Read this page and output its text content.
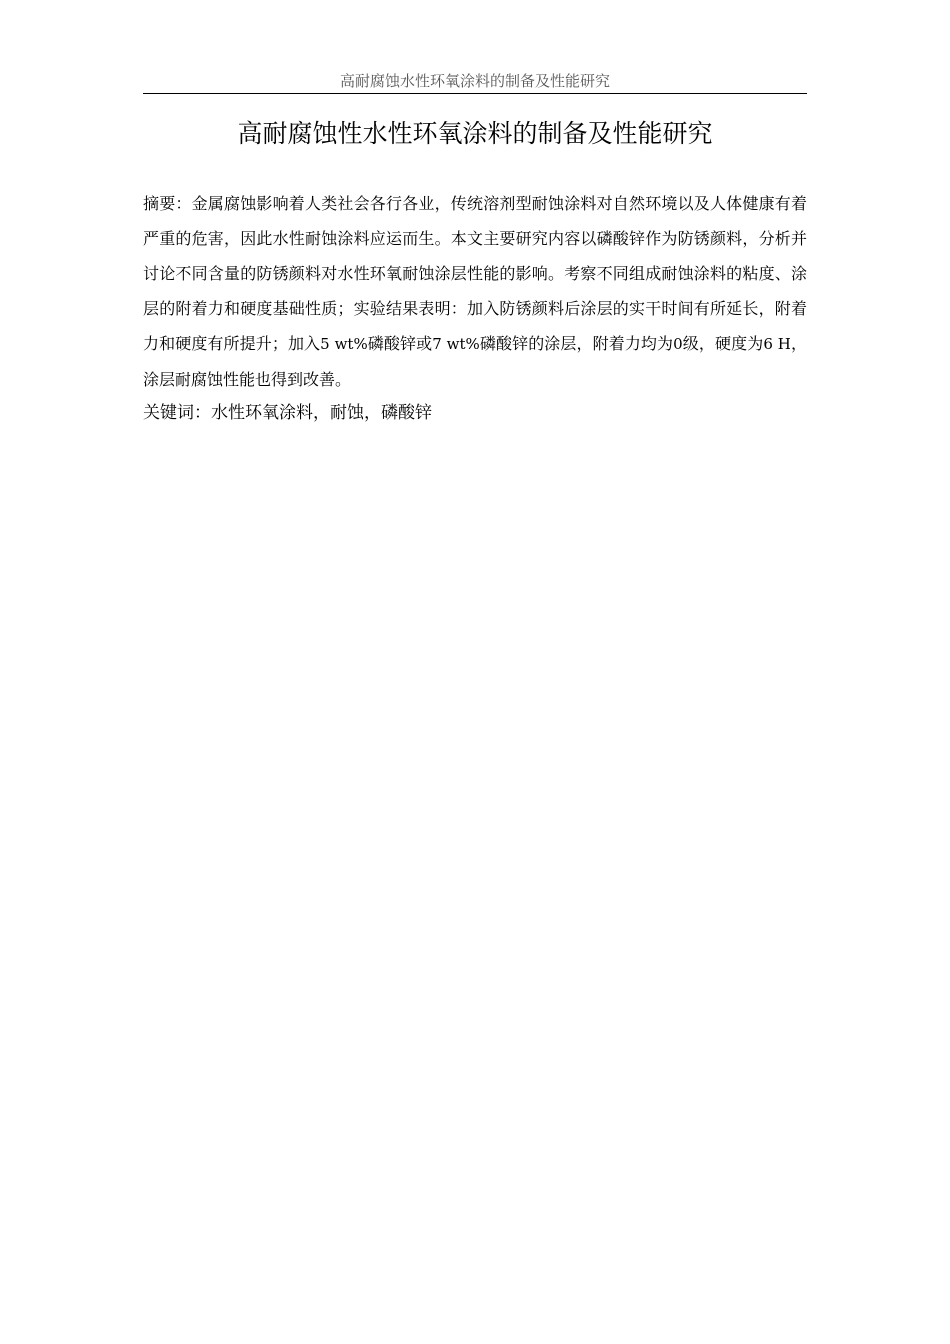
高耐腐蚀水性环氧涂料的制备及性能研究
高耐腐蚀性水性环氧涂料的制备及性能研究

摘要：金属腐蚀影响着人类社会各行各业，传统溶剂型耐蚀涂料对自然环境以及人体健康有着严重的危害，因此水性耐蚀涂料应运而生。本文主要研究内容以磷酸锌作为防锈颜料，分析并讨论不同含量的防锈颜料对水性环氧耐蚀涂层性能的影响。考察不同组成耐蚀涂料的粘度、涂层的附着力和硬度基础性质；实验结果表明：加入防锈颜料后涂层的实干时间有所延长，附着力和硬度有所提升；加入5 wt%磷酸锌或7 wt%磷酸锌的涂层，附着力均为0级，硬度为6 H，涂层耐腐蚀性能也得到改善。

关键词：水性环氧涂料，耐蚀，磷酸锌
